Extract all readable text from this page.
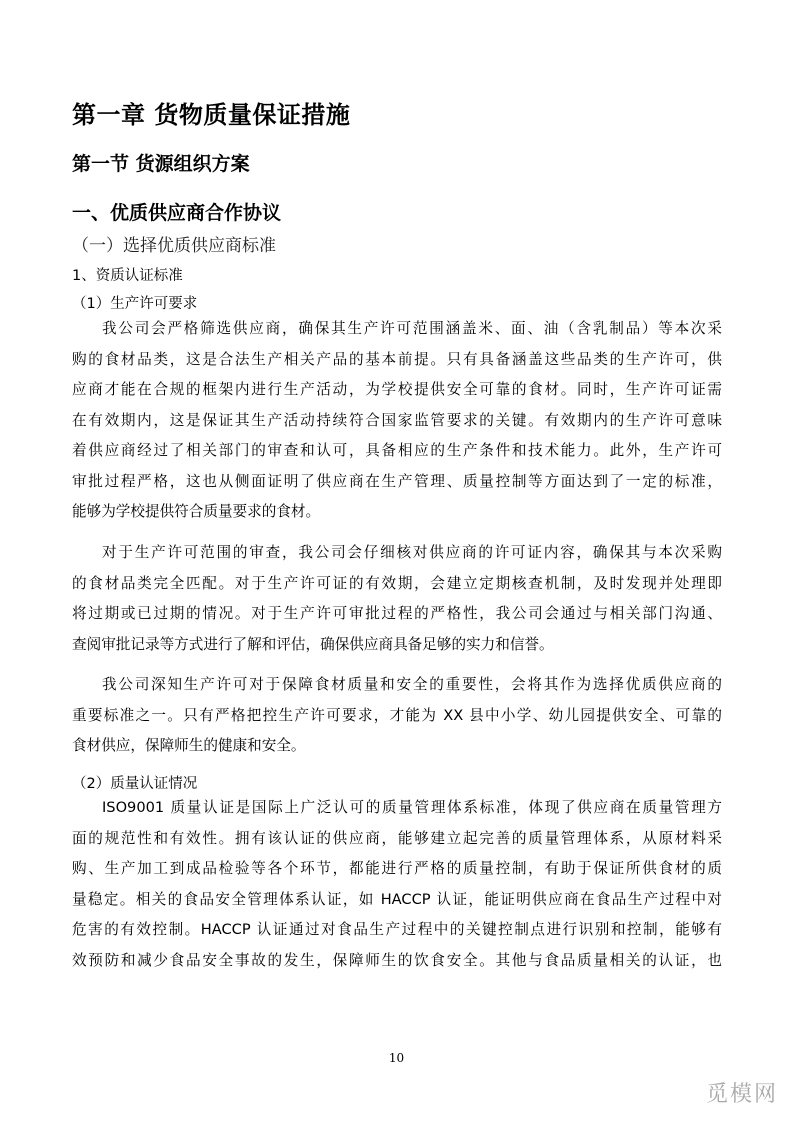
第一章 货物质量保证措施
第一节 货源组织方案
一、优质供应商合作协议
（一）选择优质供应商标准
1、资质认证标准
（1）生产许可要求
我公司会严格筛选供应商，确保其生产许可范围涵盖米、面、油（含乳制品）等本次采
购的食材品类，这是合法生产相关产品的基本前提。只有具备涵盖这些品类的生产许可，供
应商才能在合规的框架内进行生产活动，为学校提供安全可靠的食材。同时，生产许可证需
在有效期内，这是保证其生产活动持续符合国家监管要求的关键。有效期内的生产许可意味
着供应商经过了相关部门的审查和认可，具备相应的生产条件和技术能力。此外，生产许可
审批过程严格，这也从侧面证明了供应商在生产管理、质量控制等方面达到了一定的标准，
能够为学校提供符合质量要求的食材。
对于生产许可范围的审查，我公司会仔细核对供应商的许可证内容，确保其与本次采购
的食材品类完全匹配。对于生产许可证的有效期，会建立定期核查机制，及时发现并处理即
将过期或已过期的情况。对于生产许可审批过程的严格性，我公司会通过与相关部门沟通、
查阅审批记录等方式进行了解和评估，确保供应商具备足够的实力和信誉。
我公司深知生产许可对于保障食材质量和安全的重要性，会将其作为选择优质供应商的
重要标准之一。只有严格把控生产许可要求，才能为 XX 县中小学、幼儿园提供安全、可靠的
食材供应，保障师生的健康和安全。
（2）质量认证情况
ISO9001 质量认证是国际上广泛认可的质量管理体系标准，体现了供应商在质量管理方
面的规范性和有效性。拥有该认证的供应商，能够建立起完善的质量管理体系，从原材料采
购、生产加工到成品检验等各个环节，都能进行严格的质量控制，有助于保证所供食材的质
量稳定。相关的食品安全管理体系认证，如 HACCP 认证，能证明供应商在食品生产过程中对
危害的有效控制。HACCP 认证通过对食品生产过程中的关键控制点进行识别和控制，能够有
效预防和减少食品安全事故的发生，保障师生的饮食安全。其他与食品质量相关的认证，也
10
觅模网
